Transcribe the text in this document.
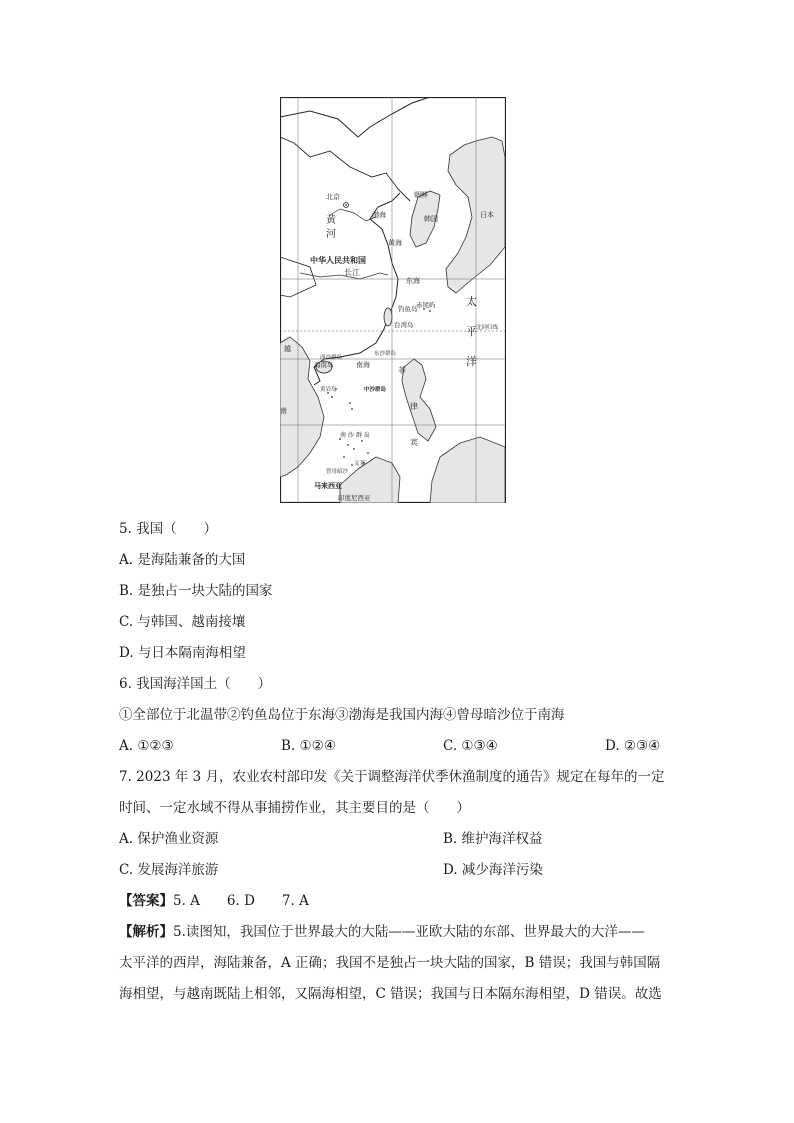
北京	朝鲜
韩国	日本
渤海
黄
河
黄海
中华人民共和国
长江
东海
太
平
洋
赤尾屿
钓鱼岛
台湾岛	北回归线
越
西沙群岛
东沙群岛
海南岛	南海
菲
律
宾
中沙群岛
黄岩岛
南
南 沙 群 岛
曾母暗沙
文莱
马来西亚
印度尼西亚
5. 我国（　　）
A. 是海陆兼备的大国
B. 是独占一块大陆的国家
C. 与韩国、越南接壤
D. 与日本隔南海相望
6. 我国海洋国土（　　）
①全部位于北温带②钓鱼岛位于东海③渤海是我国内海④曾母暗沙位于南海
A. ①②③	B. ①②④	C. ①③④	D. ②③④
7. 2023 年 3 月，农业农村部印发《关于调整海洋伏季休渔制度的通告》规定在每年的一定
时间、一定水域不得从事捕捞作业，其主要目的是（　　）
A. 保护渔业资源	B. 维护海洋权益
C. 发展海洋旅游	D. 减少海洋污染
【答案】5. A　　6. D　　7. A
【解析】5.读图知，我国位于世界最大的大陆——亚欧大陆的东部、世界最大的大洋——
太平洋的西岸，海陆兼备，A 正确；我国不是独占一块大陆的国家，B 错误；我国与韩国隔
海相望，与越南既陆上相邻，又隔海相望，C 错误；我国与日本隔东海相望，D 错误。故选
